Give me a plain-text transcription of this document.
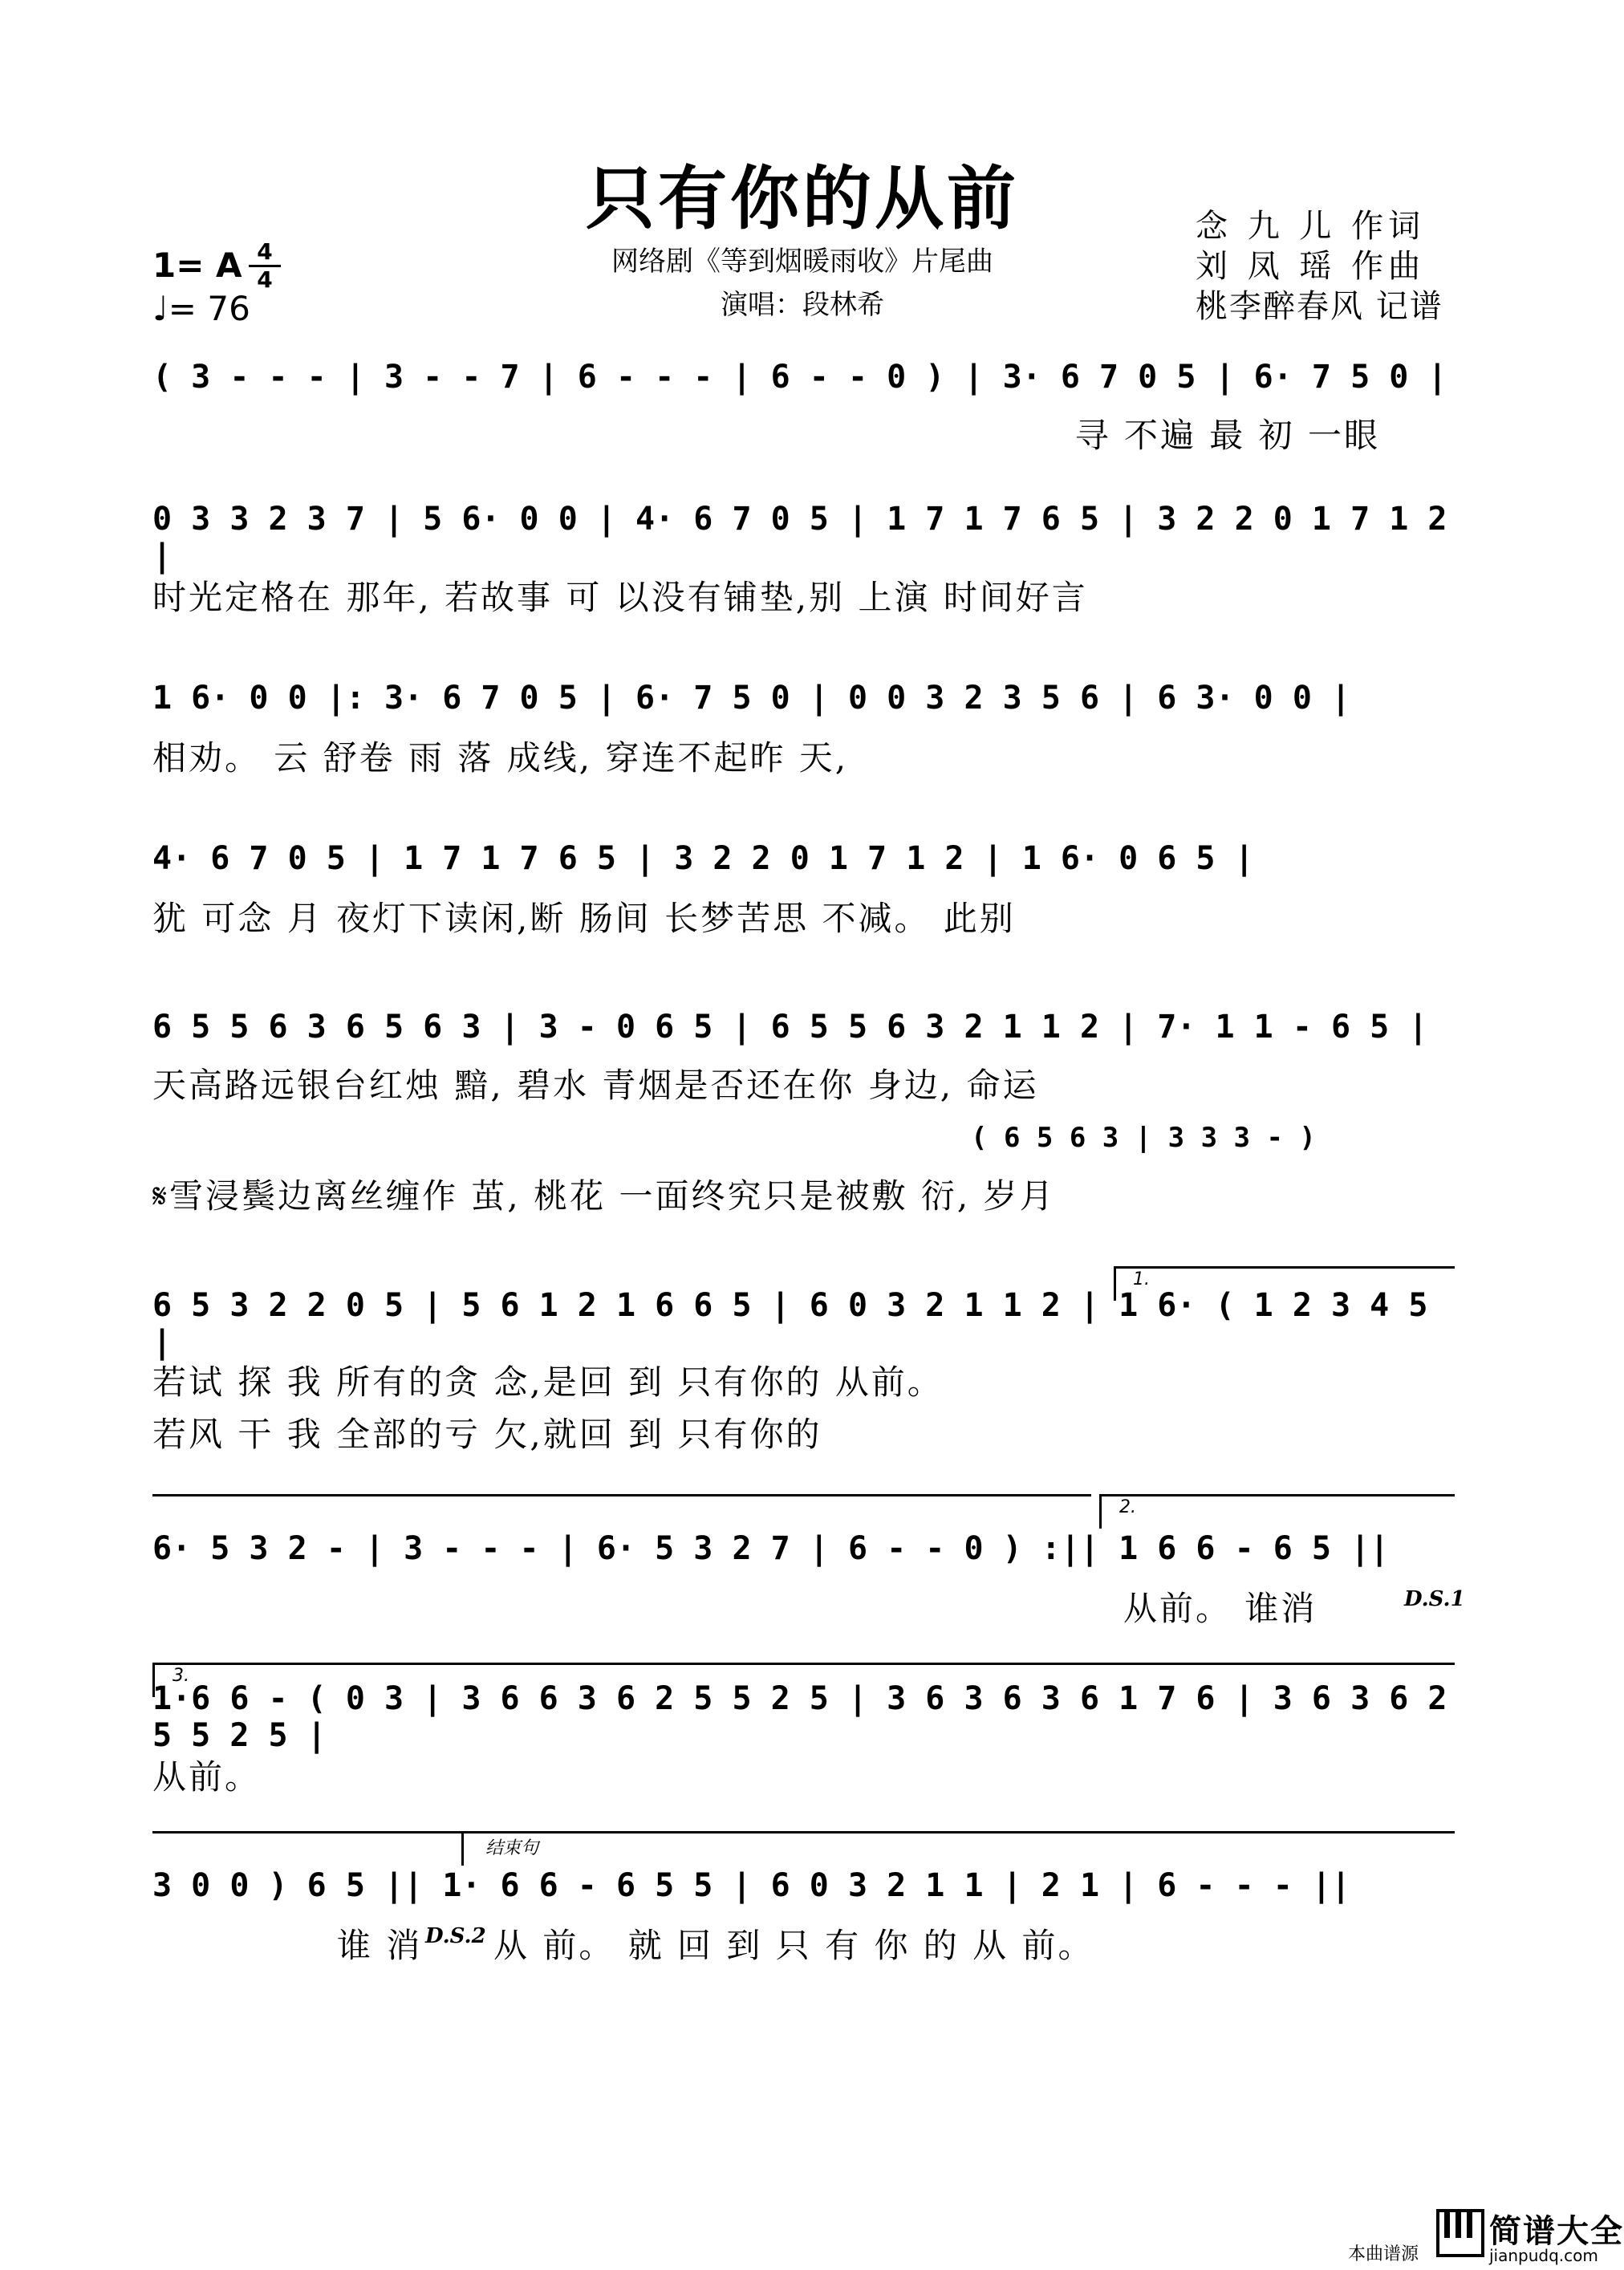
只有你的从前
网络剧《等到烟暖雨收》片尾曲
演唱：段林希
1= A 4
4
♩= 76
念 九 儿 作词
刘 凤 瑶 作曲
桃李醉春风 记谱
( 3 - - - | 3 - - 7 | 6 - - - | 6 - - 0 ) | 3· 6 7 0 5 | 6· 7 5 0 |
寻 不遍 最 初 一眼
0 3 3 2 3 7 | 5 6· 0 0 | 4· 6 7 0 5 | 1 7 1 7 6 5 | 3 2 2 0 1 7 1 2 |
时光定格在 那年, 若故事 可 以没有铺垫,别 上演 时间好言
1 6· 0 0 |: 3· 6 7 0 5 | 6· 7 5 0 | 0 0 3 2 3 5 6 | 6 3· 0 0 |
相劝。 云 舒卷 雨 落 成线, 穿连不起昨 天,
4· 6 7 0 5 | 1 7 1 7 6 5 | 3 2 2 0 1 7 1 2 | 1 6· 0 6 5 |
犹 可念 月 夜灯下读闲,断 肠间 长梦苦思 不减。 此别
6 5 5 6 3 6 5 6 3 | 3 - 0 6 5 | 6 5 5 6 3 2 1 1 2 | 7· 1 1 - 6 5 |
天高路远银台红烛 黯, 碧水 青烟是否还在你 身边, 命运
( 6 5 6 3 | 3 3 3 - )
𝄋雪浸鬓边离丝缠作 茧, 桃花 一面终究只是被敷 衍, 岁月
1.
6 5 3 2 2 0 5 | 5 6 1 2 1 6 6 5 | 6 0 3 2 1 1 2 | 1 6· ( 1 2 3 4 5 |
若试 探 我 所有的贪 念,是回 到 只有你的 从前。
若风 干 我 全部的亏 欠,就回 到 只有你的
2.
6· 5 3 2 - | 3 - - - | 6· 5 3 2 7 | 6 - - 0 ) :|| 1 6 6 - 6 5 ||
从前。 谁消	D.S.1
3.
1·6 6 - ( 0 3 | 3 6 6 3 6 2 5 5 2 5 | 3 6 3 6 3 6 1 7 6 | 3 6 3 6 2 5 5 2 5 |
从前。
结束句
3 0 0 ) 6 5 || 1· 6 6 - 6 5 5 | 6 0 3 2 1 1 | 2 1 | 6 - - - ||
谁 消 D.S.2 从 前。 就 回 到 只 有 你 的 从 前。
本曲谱源
简谱大全
jianpudq.com
